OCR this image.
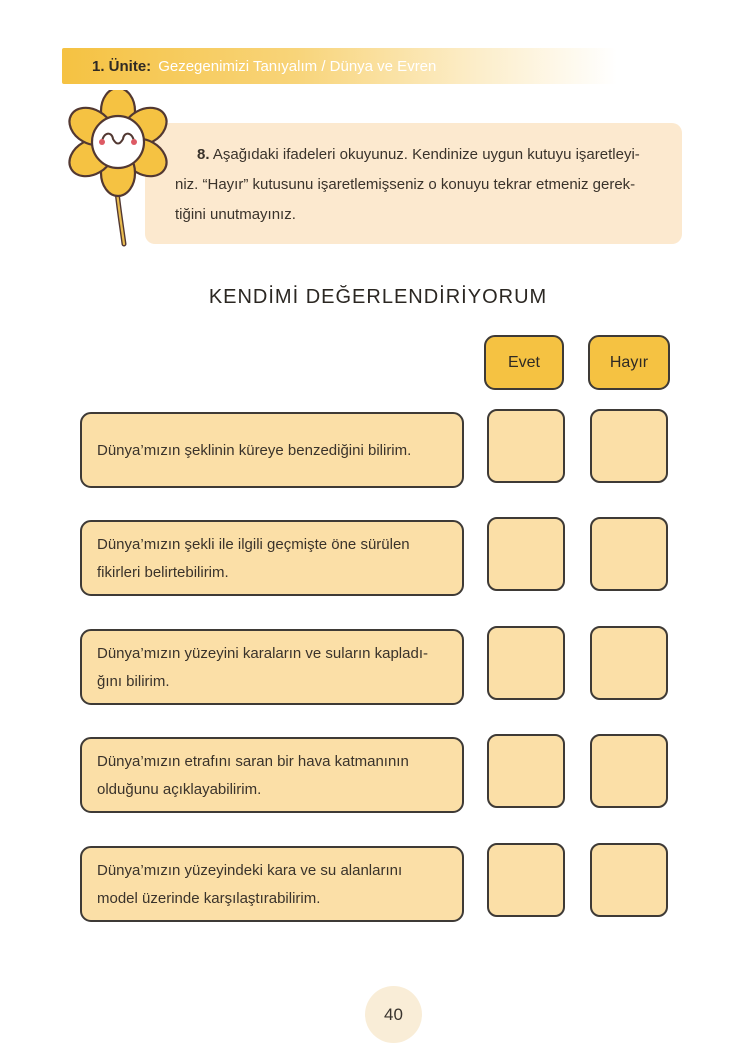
1. Ünite: Gezegenimizi Tanıyalım / Dünya ve Evren
8. Aşağıdaki ifadeleri okuyunuz. Kendinize uygun kutuyu işaretleyi-
niz. “Hayır” kutusunu işaretlemişseniz o konuyu tekrar etmeniz gerek-
tiğini unutmayınız.
KENDİMİ DEĞERLENDİRİYORUM
Evet	Hayır
Dünya’mızın şeklinin küreye benzediğini bilirim.
Dünya’mızın şekli ile ilgili geçmişte öne sürülen
fikirleri belirtebilirim.
Dünya’mızın yüzeyini karaların ve suların kapladı-
ğını bilirim.
Dünya’mızın etrafını saran bir hava katmanının
olduğunu açıklayabilirim.
Dünya’mızın yüzeyindeki kara ve su alanlarını
model üzerinde karşılaştırabilirim.
40
